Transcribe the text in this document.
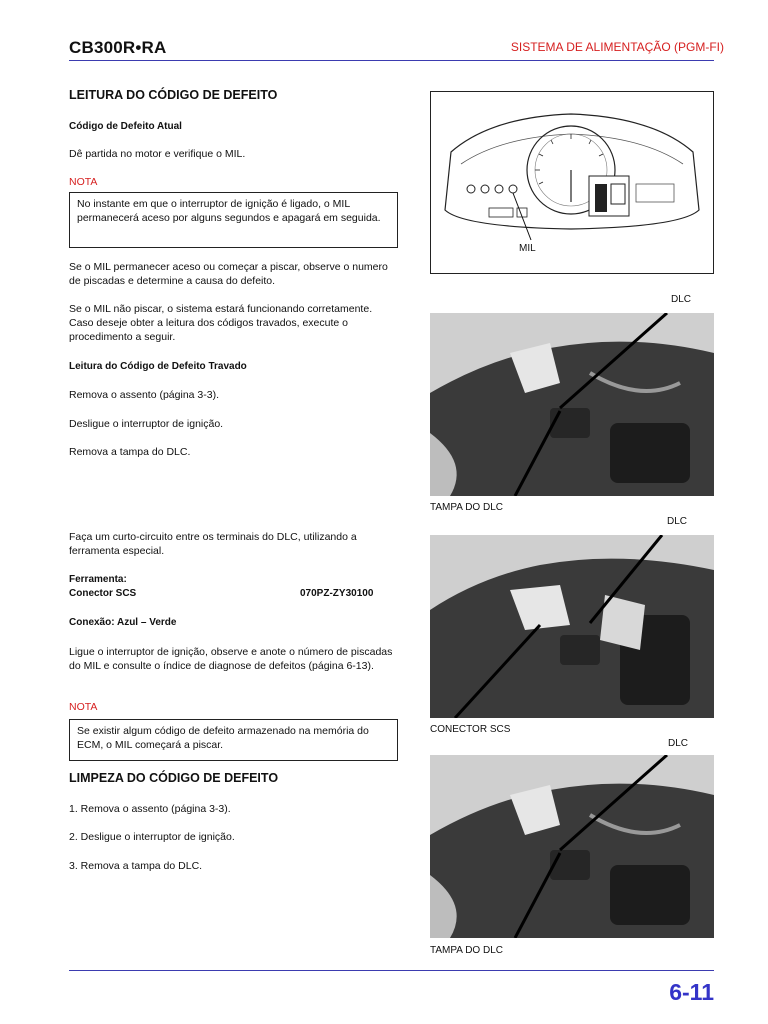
CB300R•RA	SISTEMA DE ALIMENTAÇÃO (PGM-FI)
LEITURA DO CÓDIGO DE DEFEITO
Código de Defeito Atual
Dê partida no motor e verifique o MIL.
NOTA
No instante em que o interruptor de ignição é ligado, o MIL permanecerá aceso por alguns segundos e apagará em seguida.
Se o MIL permanecer aceso ou começar a piscar, observe o numero de piscadas e determine a causa do defeito.
Se o MIL não piscar, o sistema estará funcionando corretamente. Caso deseje obter a leitura dos códigos travados, execute o procedimento a seguir.
Leitura do Código de Defeito Travado
Remova o assento (página 3-3).
Desligue o interruptor de ignição.
Remova a tampa do DLC.
Faça um curto-circuito entre os terminais do DLC, utilizando a ferramenta especial.
Ferramenta:
Conector SCS	070PZ-ZY30100
Conexão: Azul – Verde
Ligue o interruptor de ignição, observe e anote o número de piscadas do MIL e consulte o índice de diagnose de defeitos (página 6-13).
NOTA
Se existir algum código de defeito armazenado na memória do ECM, o MIL começará a piscar.
LIMPEZA DO CÓDIGO DE DEFEITO
1. Remova o assento (página 3-3).
2. Desligue o interruptor de ignição.
3. Remova a tampa do DLC.
MIL
DLC
TAMPA DO DLC
DLC
CONECTOR SCS
DLC
TAMPA DO DLC
6-11
